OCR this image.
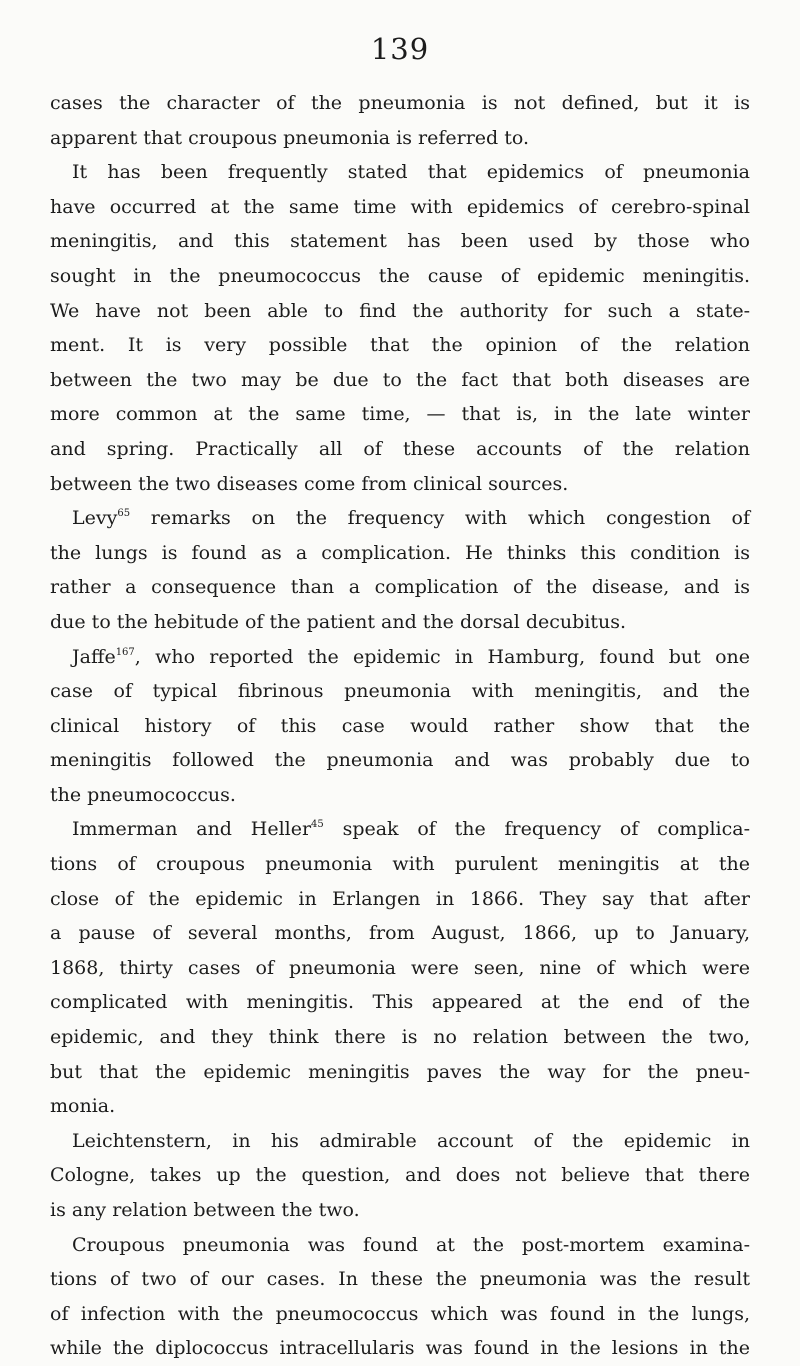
139
cases the character of the pneumonia is not defined, but it is
apparent that croupous pneumonia is referred to.
It has been frequently stated that epidemics of pneumonia
have occurred at the same time with epidemics of cerebro-spinal
meningitis, and this statement has been used by those who
sought in the pneumococcus the cause of epidemic meningitis.
We have not been able to find the authority for such a state-
ment. It is very possible that the opinion of the relation
between the two may be due to the fact that both diseases are
more common at the same time, — that is, in the late winter
and spring. Practically all of these accounts of the relation
between the two diseases come from clinical sources.
Levy$^{65}$ remarks on the frequency with which congestion of
the lungs is found as a complication. He thinks this condition is
rather a consequence than a complication of the disease, and is
due to the hebitude of the patient and the dorsal decubitus.
Jaffe$^{167}$, who reported the epidemic in Hamburg, found but one
case of typical fibrinous pneumonia with meningitis, and the
clinical history of this case would rather show that the
meningitis followed the pneumonia and was probably due to
the pneumococcus.
Immerman and Heller$^{45}$ speak of the frequency of complica-
tions of croupous pneumonia with purulent meningitis at the
close of the epidemic in Erlangen in 1866. They say that after
a pause of several months, from August, 1866, up to January,
1868, thirty cases of pneumonia were seen, nine of which were
complicated with meningitis. This appeared at the end of the
epidemic, and they think there is no relation between the two,
but that the epidemic meningitis paves the way for the pneu-
monia.
Leichtenstern, in his admirable account of the epidemic in
Cologne, takes up the question, and does not believe that there
is any relation between the two.
Croupous pneumonia was found at the post-mortem examina-
tions of two of our cases. In these the pneumonia was the result
of infection with the pneumococcus which was found in the lungs,
while the diplococcus intracellularis was found in the lesions in the
